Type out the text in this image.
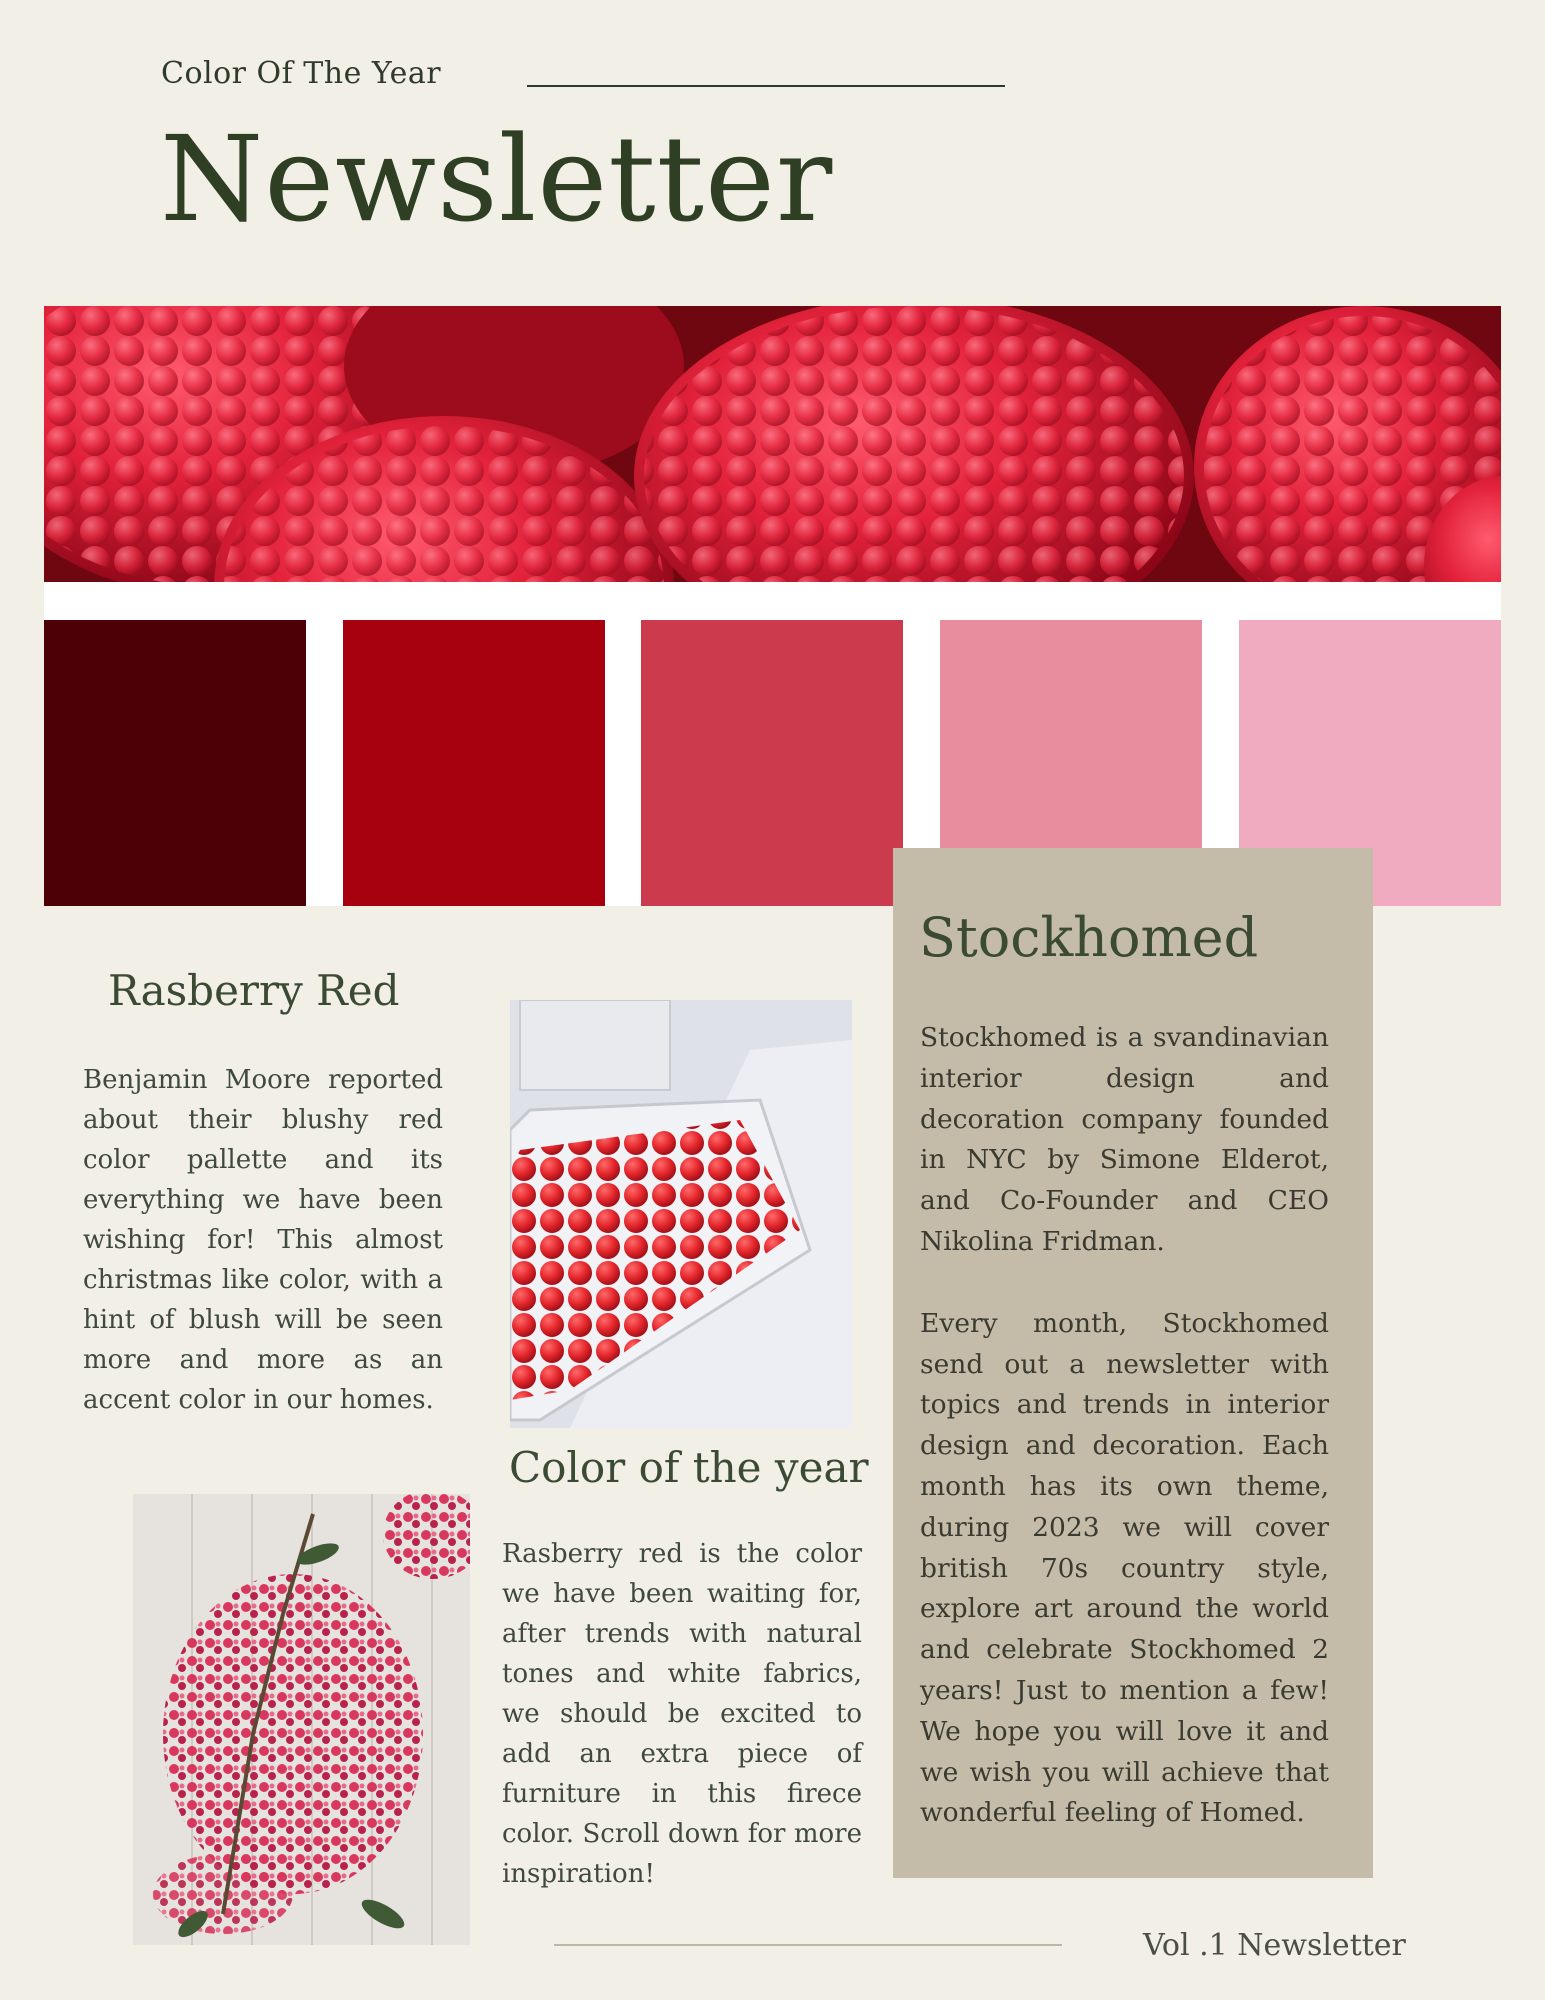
Color Of The Year
Newsletter
Rasberry Red
Benjamin Moore reported about their blushy red color pallette and its everything we have been wishing for! This almost christmas like color, with a hint of blush will be seen more and more as an accent color in our homes.
Color of the year
Rasberry red is the color we have been waiting for, after trends with natural tones and white fabrics, we should be excited to add an extra piece of furniture in this firece color. Scroll down for more inspiration!
Stockhomed

Stockhomed is a svandinavian interior design and decoration company founded in NYC by Simone Elderot, and Co-Founder and CEO Nikolina Fridman.

Every month, Stockhomed send out a newsletter with topics and trends in interior design and decoration. Each month has its own theme, during 2023 we will cover british 70s country style, explore art around the world and celebrate Stockhomed 2 years! Just to mention a few! We hope you will love it and we wish you will achieve that wonderful feeling of Homed.

Vol .1 Newsletter
